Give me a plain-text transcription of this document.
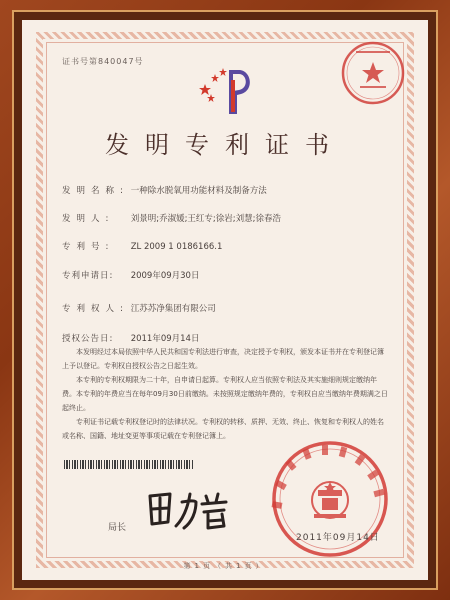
证书号第840047号
发明专利证书
发明名称: 一种除水脱氧用功能材料及制备方法
发明人: 刘景明;乔淑媛;王红专;徐岩;刘慧;徐春浩
专利号: ZL 2009 1 0186166.1
专利申请日: 2009年09月30日
专利权人: 江苏苏净集团有限公司
授权公告日: 2011年09月14日

本发明经过本局依照中华人民共和国专利法进行审查，决定授予专利权，颁发本证书并在专利登记簿上予以登记。专利权自授权公告之日起生效。

本专利的专利权期限为二十年，自申请日起算。专利权人应当依照专利法及其实施细则规定缴纳年费。本专利的年费应当在每年09月30日前缴纳。未按照规定缴纳年费的，专利权自应当缴纳年费期满之日起终止。

专利证书记载专利权登记时的法律状况。专利权的转移、质押、无效、终止、恢复和专利权人的姓名或名称、国籍、地址变更等事项记载在专利登记簿上。

局长
2011年09月14日
第1页（共1页）
